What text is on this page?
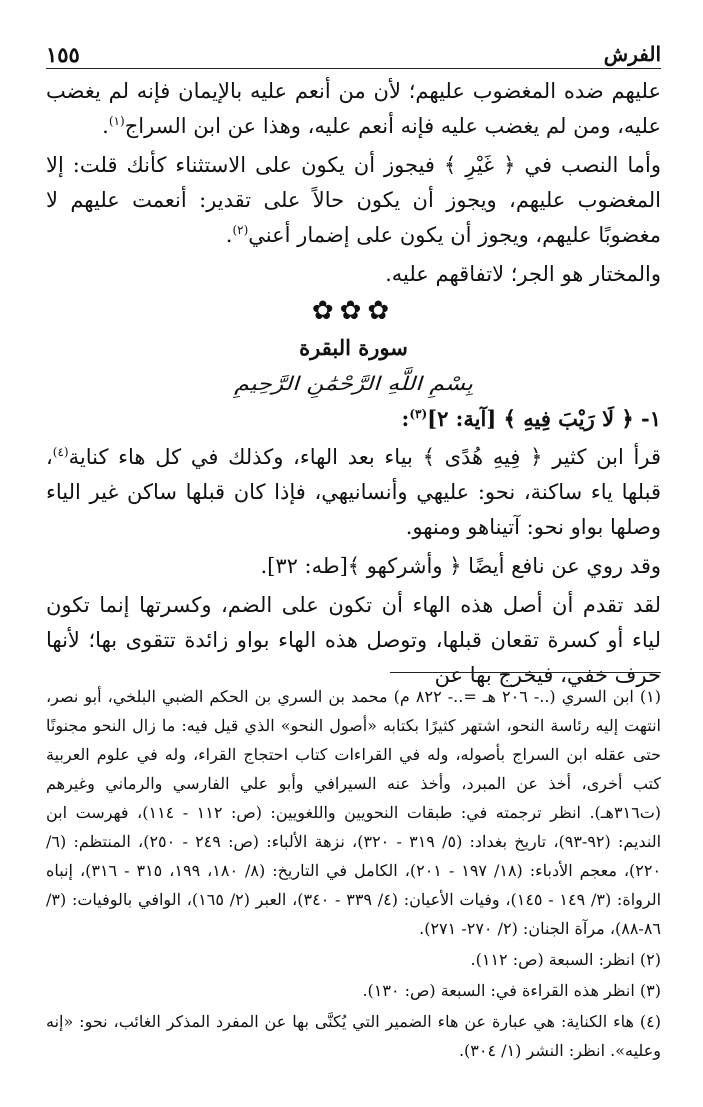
الفرش
١٥٥

عليهم ضده المغضوب عليهم؛ لأن من أنعم عليه بالإيمان فإنه لم يغضب عليه، ومن لم يغضب عليه فإنه أنعم عليه، وهذا عن ابن السراج$^{(١)}$.

وأما النصب في ﴿ غَيْرِ ﴾ فيجوز أن يكون على الاستثناء كأنك قلت: إلا المغضوب عليهم، ويجوز أن يكون حالاً على تقدير: أنعمت عليهم لا مغضوبًا عليهم، ويجوز أن يكون على إضمار أعني$^{(٢)}$.

والمختار هو الجر؛ لاتفاقهم عليه.

✿✿✿
سورة البقرة
بِسْمِ اللَّهِ الرَّحْمَٰنِ الرَّحِيمِ

١- ﴿ لَا رَيْبَ فِيهِ ﴾ [آية: ٢]$^{(٣)}$:

قرأ ابن كثير ﴿ فِيهِ هُدًى ﴾ بياء بعد الهاء، وكذلك في كل هاء كناية$^{(٤)}$، قبلها ياء ساكنة، نحو: عليهي وأنسانيهي، فإذا كان قبلها ساكن غير الياء وصلها بواو نحو: آتيناهو ومنهو.

وقد روي عن نافع أيضًا ﴿ وأشركهو ﴾[طه: ٣٢].

لقد تقدم أن أصل هذه الهاء أن تكون على الضم، وكسرتها إنما تكون لياء أو كسرة تقعان قبلها، وتوصل هذه الهاء بواو زائدة تتقوى بها؛ لأنها حرف خفي، فيخرج بها عن

(١) ابن السري (..- ٢٠٦ هـ =..- ٨٢٢ م) محمد بن السري بن الحكم الضبي البلخي، أبو نصر، انتهت إليه رئاسة النحو، اشتهر كثيرًا بكتابه «أصول النحو» الذي قيل فيه: ما زال النحو مجنونًا حتى عقله ابن السراج بأصوله، وله في القراءات كتاب احتجاج القراء، وله في علوم العربية كتب أخرى، أخذ عن المبرد، وأخذ عنه السيرافي وأبو علي الفارسي والرماني وغيرهم (ت٣١٦هـ). انظر ترجمته في: طبقات النحويين واللغويين: (ص: ١١٢ - ١١٤)، فهرست ابن النديم: (٩٢-٩٣)، تاريخ بغداد: (٥/ ٣١٩ - ٣٢٠)، نزهة الألباء: (ص: ٢٤٩ - ٢٥٠)، المنتظم: (٦/ ٢٢٠)، معجم الأدباء: (١٨/ ١٩٧ - ٢٠١)، الكامل في التاريخ: (٨/ ١٨٠، ١٩٩، ٣١٥ - ٣١٦)، إنباه الرواة: (٣/ ١٤٩ - ١٤٥)، وفيات الأعيان: (٤/ ٣٣٩ - ٣٤٠)، العبر (٢/ ١٦٥)، الوافي بالوفيات: (٣/ ٨٦-٨٨)، مرآة الجنان: (٢/ ٢٧٠- ٢٧١).

(٢) انظر: السبعة (ص: ١١٢).

(٣) انظر هذه القراءة في: السبعة (ص: ١٣٠).

(٤) هاء الكناية: هي عبارة عن هاء الضمير التي يُكنَّى بها عن المفرد المذكر الغائب، نحو: «إنه وعليه». انظر: النشر (١/ ٣٠٤).
